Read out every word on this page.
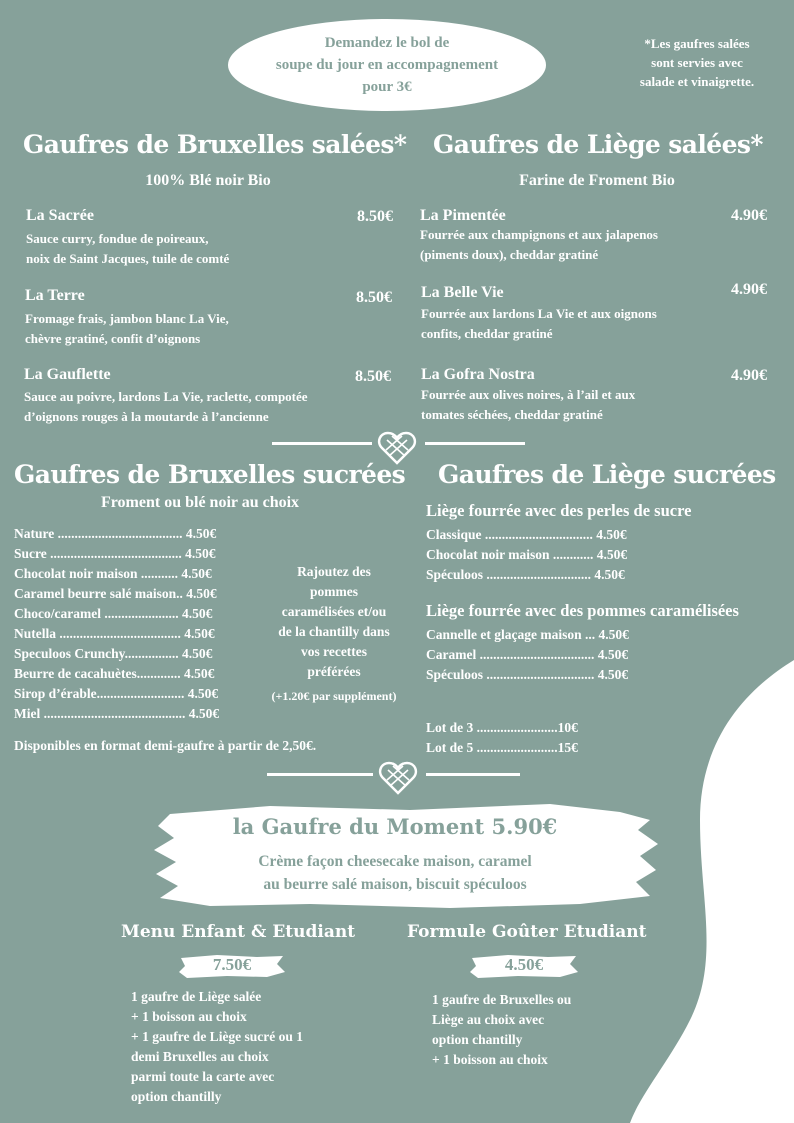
Demandez le bol de
soupe du jour en accompagnement
pour 3€
*Les gaufres salées
sont servies avec
salade et vinaigrette.
Gaufres de Bruxelles salées*
100% Blé noir Bio
La Sacrée	8.50€
Sauce curry, fondue de poireaux,
noix de Saint Jacques, tuile de comté
La Terre	8.50€
Fromage frais, jambon blanc La Vie,
chèvre gratiné, confit d’oignons
La Gauflette	8.50€
Sauce au poivre, lardons La Vie, raclette, compotée
d’oignons rouges à la moutarde à l’ancienne
Gaufres de Liège salées*
Farine de Froment Bio
La Pimentée	4.90€
Fourrée aux champignons et aux jalapenos
(piments doux), cheddar gratiné
La Belle Vie	4.90€
Fourrée aux lardons La Vie et aux oignons
confits, cheddar gratiné
La Gofra Nostra	4.90€
Fourrée aux olives noires, à l’ail et aux
tomates séchées, cheddar gratiné
Gaufres de Bruxelles sucrées
Froment ou blé noir au choix
Nature ..................................... 4.50€
Sucre ....................................... 4.50€
Chocolat noir maison ........... 4.50€
Caramel beurre salé maison.. 4.50€
Choco/caramel ...................... 4.50€
Nutella .................................... 4.50€
Speculoos Crunchy................ 4.50€
Beurre de cacahuètes............. 4.50€
Sirop d’érable.......................... 4.50€
Miel .......................................... 4.50€
Disponibles en format demi-gaufre à partir de 2,50€.
Rajoutez des
pommes
caramélisées et/ou
de la chantilly dans
vos recettes
préférées
(+1.20€ par supplément)
Gaufres de Liège sucrées
Liège fourrée avec des perles de sucre
Classique ................................ 4.50€
Chocolat noir maison ............ 4.50€
Spéculoos ............................... 4.50€
Liège fourrée avec des pommes caramélisées
Cannelle et glaçage maison ... 4.50€
Caramel .................................. 4.50€
Spéculoos ................................ 4.50€
Lot de 3 ........................10€
Lot de 5 ........................15€
la Gaufre du Moment 5.90€
Crème façon cheesecake maison, caramel
au beurre salé maison, biscuit spéculoos
Menu Enfant & Etudiant
7.50€
1 gaufre de Liège salée
+ 1 boisson au choix
+ 1 gaufre de Liège sucré ou 1
demi Bruxelles au choix
parmi toute la carte avec
option chantilly
Formule Goûter Etudiant
4.50€
1 gaufre de Bruxelles ou
Liège au choix avec
option chantilly
+ 1 boisson au choix
